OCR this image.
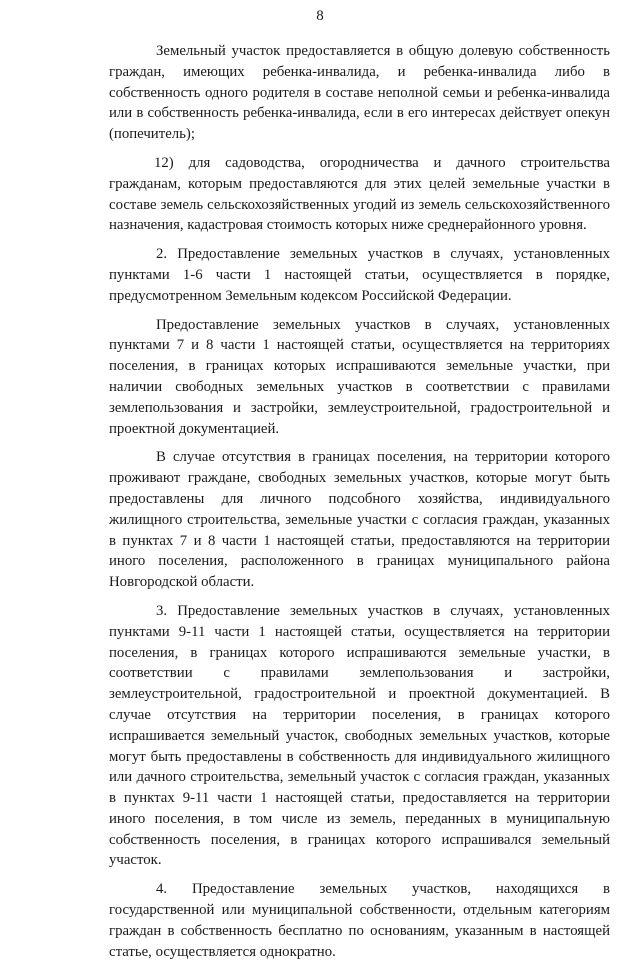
8

Земельный участок предоставляется в общую долевую собственность граждан, имеющих ребенка-инвалида, и ребенка-инвалида либо в собственность одного родителя в составе неполной семьи и ребенка-инвалида или в собственность ребенка-инвалида, если в его интересах действует опекун (попечитель);

12) для садоводства, огородничества и дачного строительства гражданам, которым предоставляются для этих целей земельные участки в составе земель сельскохозяйственных угодий из земель сельскохозяйственного назначения, кадастровая стоимость которых ниже среднерайонного уровня.

2. Предоставление земельных участков в случаях, установленных пунктами 1-6 части 1 настоящей статьи, осуществляется в порядке, предусмотренном Земельным кодексом Российской Федерации.

Предоставление земельных участков в случаях, установленных пунктами 7 и 8 части 1 настоящей статьи, осуществляется на территориях поселения, в границах которых испрашиваются земельные участки, при наличии свободных земельных участков в соответствии с правилами землепользования и застройки, землеустроительной, градостроительной и проектной документацией.

В случае отсутствия в границах поселения, на территории которого проживают граждане, свободных земельных участков, которые могут быть предоставлены для личного подсобного хозяйства, индивидуального жилищного строительства, земельные участки с согласия граждан, указанных в пунктах 7 и 8 части 1 настоящей статьи, предоставляются на территории иного поселения, расположенного в границах муниципального района Новгородской области.

3. Предоставление земельных участков в случаях, установленных пунктами 9-11 части 1 настоящей статьи, осуществляется на территории поселения, в границах которого испрашиваются земельные участки, в соответствии с правилами землепользования и застройки, землеустроительной, градостроительной и проектной документацией. В случае отсутствия на территории поселения, в границах которого испрашивается земельный участок, свободных земельных участков, которые могут быть предоставлены в собственность для индивидуального жилищного или дачного строительства, земельный участок с согласия граждан, указанных в пунктах 9-11 части 1 настоящей статьи, предоставляется на территории иного поселения, в том числе из земель, переданных в муниципальную собственность поселения, в границах которого испрашивался земельный участок.

4. Предоставление земельных участков, находящихся в государственной или муниципальной собственности, отдельным категориям граждан в собственность бесплатно по основаниям, указанным в настоящей статье, осуществляется однократно.
